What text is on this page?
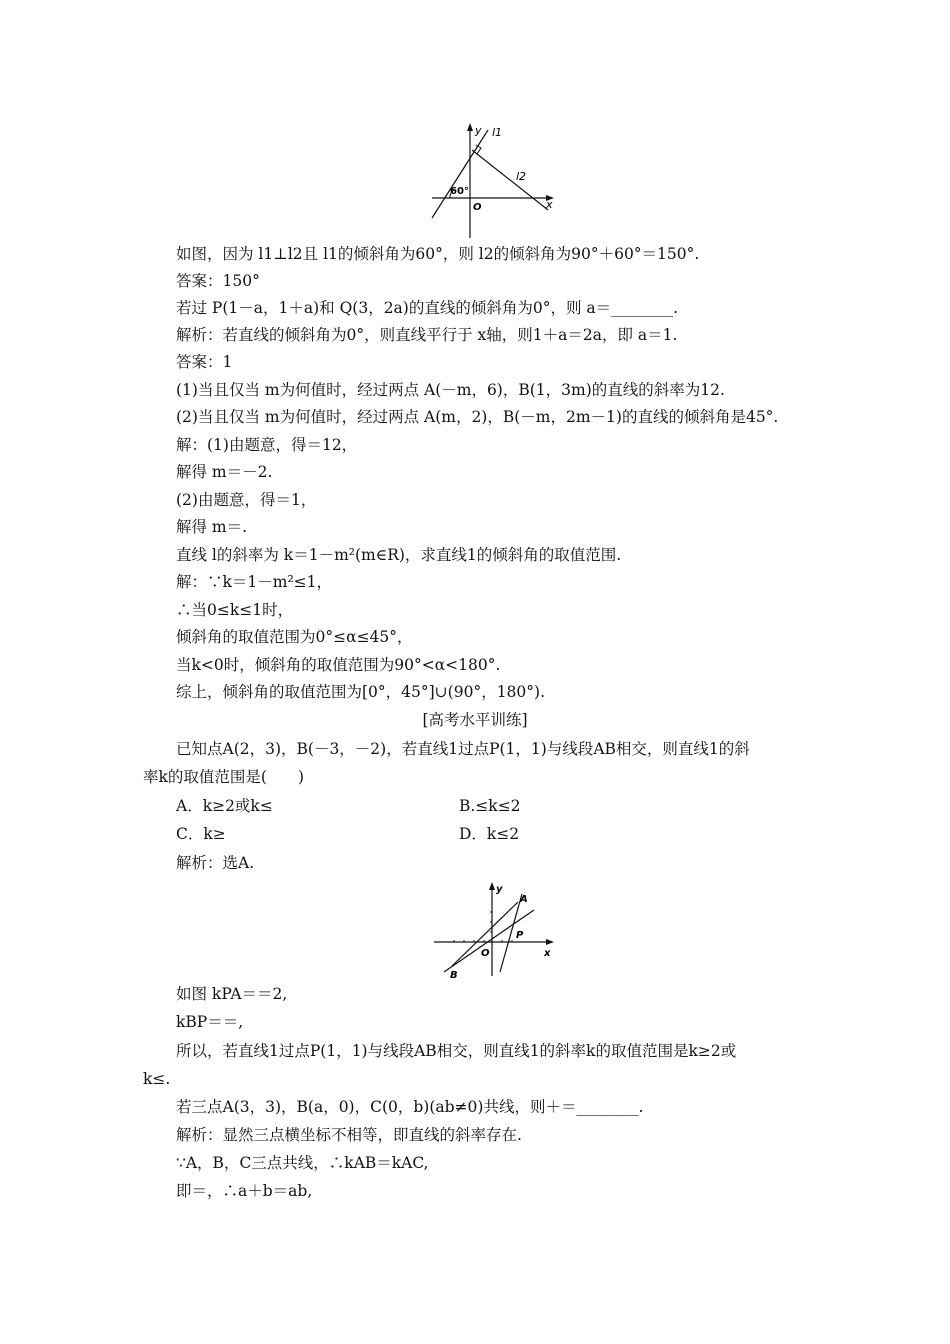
y
x
l1
l2
60°
O
如图，因为 l1⊥l2且 l1的倾斜角为60°，则 l2的倾斜角为90°＋60°＝150°.
答案：150°
若过 P(1－a，1＋a)和 Q(3，2a)的直线的倾斜角为0°，则 a＝________.
解析：若直线的倾斜角为0°，则直线平行于 x轴，则1＋a＝2a，即 a＝1.
答案：1
(1)当且仅当 m为何值时，经过两点 A(－m，6)，B(1，3m)的直线的斜率为12.
(2)当且仅当 m为何值时，经过两点 A(m，2)，B(－m，2m－1)的直线的倾斜角是45°.
解：(1)由题意，得＝12，
解得 m＝－2.
(2)由题意，得＝1，
解得 m＝.
直线 l的斜率为 k＝1－m²(m∈R)，求直线1的倾斜角的取值范围.
解：∵k＝1－m²≤1，
∴当0≤k≤1时，
倾斜角的取值范围为0°≤α≤45°，
当k<0时，倾斜角的取值范围为90°<α<180°.
综上，倾斜角的取值范围为[0°，45°]∪(90°，180°).
[高考水平训练]
已知点A(2，3)，B(－3，－2)，若直线1过点P(1，1)与线段AB相交，则直线1的斜
率k的取值范围是(　　)
A．k≥2或k≤	B.≤k≤2
C．k≥	D．k≤2
解析：选A.
y
x
A
B
P
O
如图 kPA＝＝2,
kBP＝＝,
所以，若直线1过点P(1，1)与线段AB相交，则直线1的斜率k的取值范围是k≥2或
k≤.
若三点A(3，3)，B(a，0)，C(0，b)(ab≠0)共线，则＋＝________.
解析：显然三点横坐标不相等，即直线的斜率存在.
∵A，B，C三点共线，∴kAB＝kAC,
即＝，∴a＋b＝ab,
